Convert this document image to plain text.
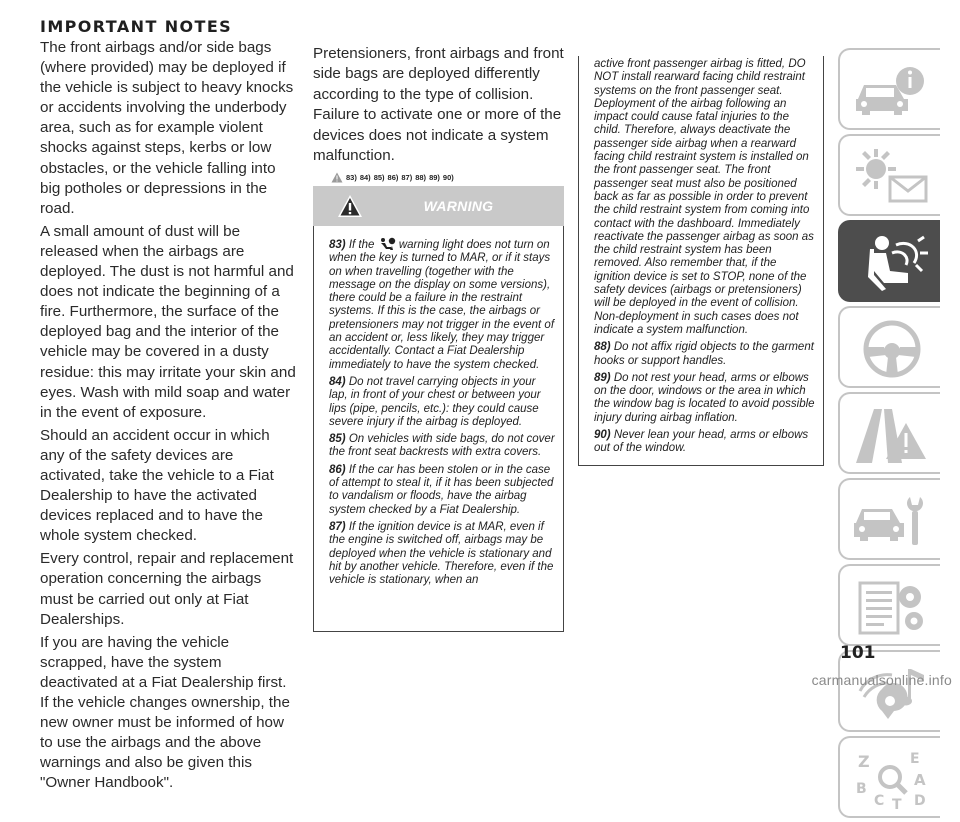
IMPORTANT NOTES

The front airbags and/or side bags (where provided) may be deployed if the vehicle is subject to heavy knocks or accidents involving the underbody area, such as for example violent shocks against steps, kerbs or low obstacles, or the vehicle falling into big potholes or depressions in the road.

A small amount of dust will be released when the airbags are deployed. The dust is not harmful and does not indicate the beginning of a fire. Furthermore, the surface of the deployed bag and the interior of the vehicle may be covered in a dusty residue: this may irritate your skin and eyes. Wash with mild soap and water in the event of exposure.

Should an accident occur in which any of the safety devices are activated, take the vehicle to a Fiat Dealership to have the activated devices replaced and to have the whole system checked.

Every control, repair and replacement operation concerning the airbags must be carried out only at Fiat Dealerships.

If you are having the vehicle scrapped, have the system deactivated at a Fiat Dealership first. If the vehicle changes ownership, the new owner must be informed of how to use the airbags and the above warnings and also be given this "Owner Handbook".

Pretensioners, front airbags and front side bags are deployed differently according to the type of collision. Failure to activate one or more of the devices does not indicate a system malfunction.

83) 84) 85) 86) 87) 88) 89) 90)
WARNING

83) If the warning light does not turn on when the key is turned to MAR, or if it stays on when travelling (together with the message on the display on some versions), there could be a failure in the restraint systems. If this is the case, the airbags or pretensioners may not trigger in the event of an accident or, less likely, they may trigger accidentally. Contact a Fiat Dealership immediately to have the system checked.

84) Do not travel carrying objects in your lap, in front of your chest or between your lips (pipe, pencils, etc.): they could cause severe injury if the airbag is deployed.

85) On vehicles with side bags, do not cover the front seat backrests with extra covers.

86) If the car has been stolen or in the case of attempt to steal it, if it has been subjected to vandalism or floods, have the airbag system checked by a Fiat Dealership.

87) If the ignition device is at MAR, even if the engine is switched off, airbags may be deployed when the vehicle is stationary and hit by another vehicle. Therefore, even if the vehicle is stationary, when an

active front passenger airbag is fitted, DO NOT install rearward facing child restraint systems on the front passenger seat. Deployment of the airbag following an impact could cause fatal injuries to the child. Therefore, always deactivate the passenger side airbag when a rearward facing child restraint system is installed on the front passenger seat. The front passenger seat must also be positioned back as far as possible in order to prevent the child restraint system from coming into contact with the dashboard. Immediately reactivate the passenger airbag as soon as the child restraint system has been removed. Also remember that, if the ignition device is set to STOP, none of the safety devices (airbags or pretensioners) will be deployed in the event of collision. Non-deployment in such cases does not indicate a system malfunction.

88) Do not affix rigid objects to the garment hooks or support handles.

89) Do not rest your head, arms or elbows on the door, windows or the area in which the window bag is located to avoid possible injury during airbag inflation.

90) Never lean your head, arms or elbows out of the window.

Z	E
A
B
C T D
101
carmanualsonline.info
